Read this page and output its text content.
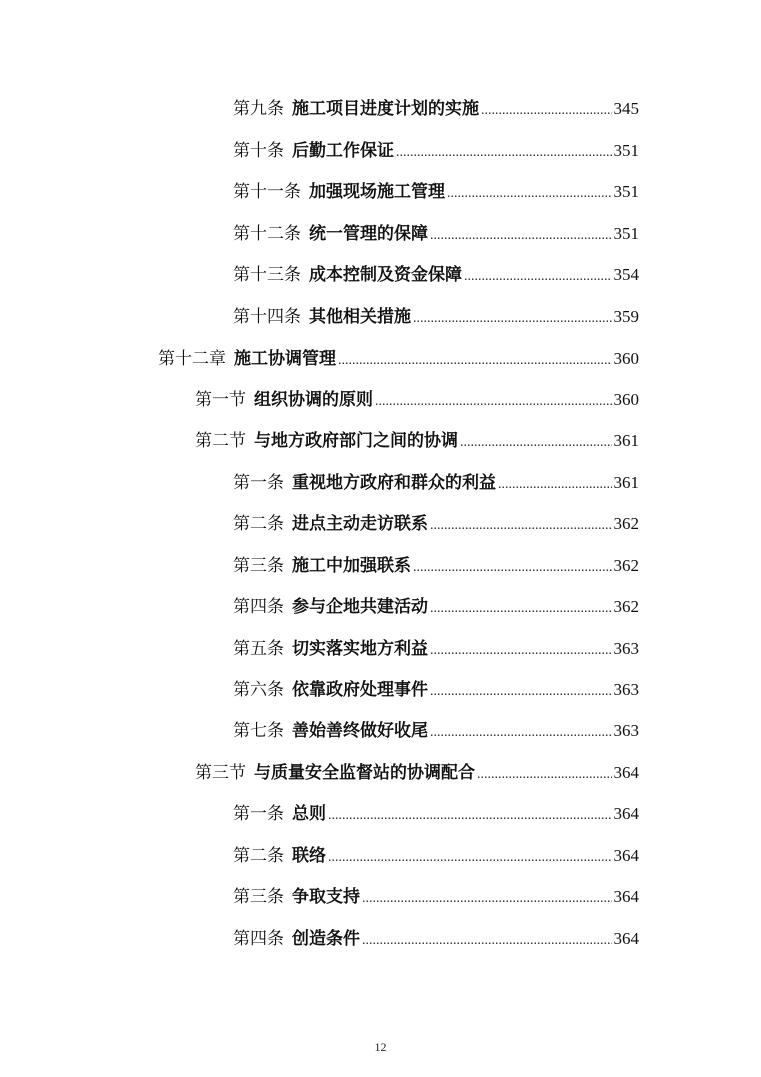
第九条 施工项目进度计划的实施 .....	345
第十条 后勤工作保证 .....	351
第十一条 加强现场施工管理 .....	351
第十二条 统一管理的保障 .....	351
第十三条 成本控制及资金保障 .....	354
第十四条 其他相关措施 .....	359
第十二章 施工协调管理 .....	360
第一节 组织协调的原则 .....	360
第二节 与地方政府部门之间的协调 .....	361
第一条 重视地方政府和群众的利益 .....	361
第二条 进点主动走访联系 .....	362
第三条 施工中加强联系 .....	362
第四条 参与企地共建活动 .....	362
第五条 切实落实地方利益 .....	363
第六条 依靠政府处理事件 .....	363
第七条 善始善终做好收尾 .....	363
第三节 与质量安全监督站的协调配合 .....	364
第一条 总则 .....	364
第二条 联络 .....	364
第三条 争取支持 .....	364
第四条 创造条件 .....	364
12
